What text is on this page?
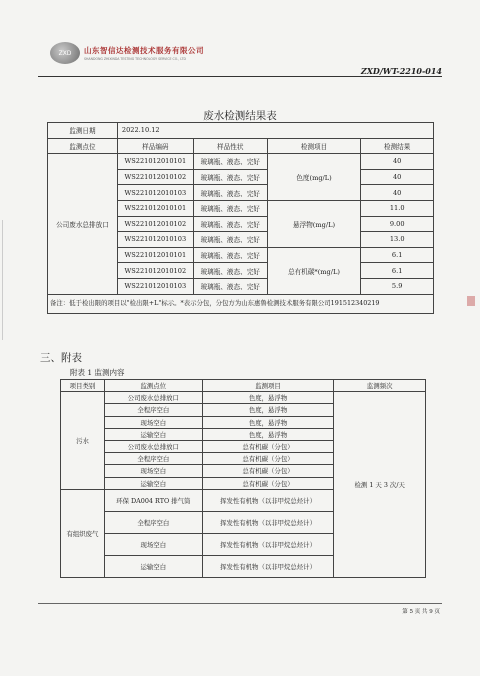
ZXD	山东智信达检测技术服务有限公司
SHANDONG ZHIXINDA TESTING TECHNOLOGY SERVICE CO., LTD
ZXD/WT-2210-014
废水检测结果表
监测日期	2022.10.12			
监测点位	样品编码	样品性状	检测项目	检测结果
公司废水总排放口	WS221012010101	玻璃瓶、液态、完好	色度(mg/L)	40
	WS221012010102	玻璃瓶、液态、完好		40
	WS221012010103	玻璃瓶、液态、完好		40
	WS221012010101	玻璃瓶、液态、完好	悬浮物(mg/L)	11.0
	WS221012010102	玻璃瓶、液态、完好		9.00
	WS221012010103	玻璃瓶、液态、完好		13.0
	WS221012010101	玻璃瓶、液态、完好	总有机碳*(mg/L)	6.1
	WS221012010102	玻璃瓶、液态、完好		6.1
	WS221012010103	玻璃瓶、液态、完好		5.9
备注：低于检出限的项目以"检出限+L"标示。*表示分包，分包方为山东惠鲁检测技术服务有限公司191512340219				
三、附表
附表 1 监测内容
项目类别	监测点位	监测项目	监测频次
污水	公司废水总排放口	色度，悬浮物	检测 1 天 3 次/天
	全程序空白	色度，悬浮物	
	现场空白	色度，悬浮物	
	运输空白	色度，悬浮物	
	公司废水总排放口	总有机碳（分包）	
	全程序空白	总有机碳（分包）	
	现场空白	总有机碳（分包）	
	运输空白	总有机碳（分包）	
有组织废气	环保 DA004 RTO 排气筒	挥发性有机物（以非甲烷总烃计）	
	全程序空白	挥发性有机物（以非甲烷总烃计）	
	现场空白	挥发性有机物（以非甲烷总烃计）	
	运输空白	挥发性有机物（以非甲烷总烃计）	
第 5 页 共 9 页
